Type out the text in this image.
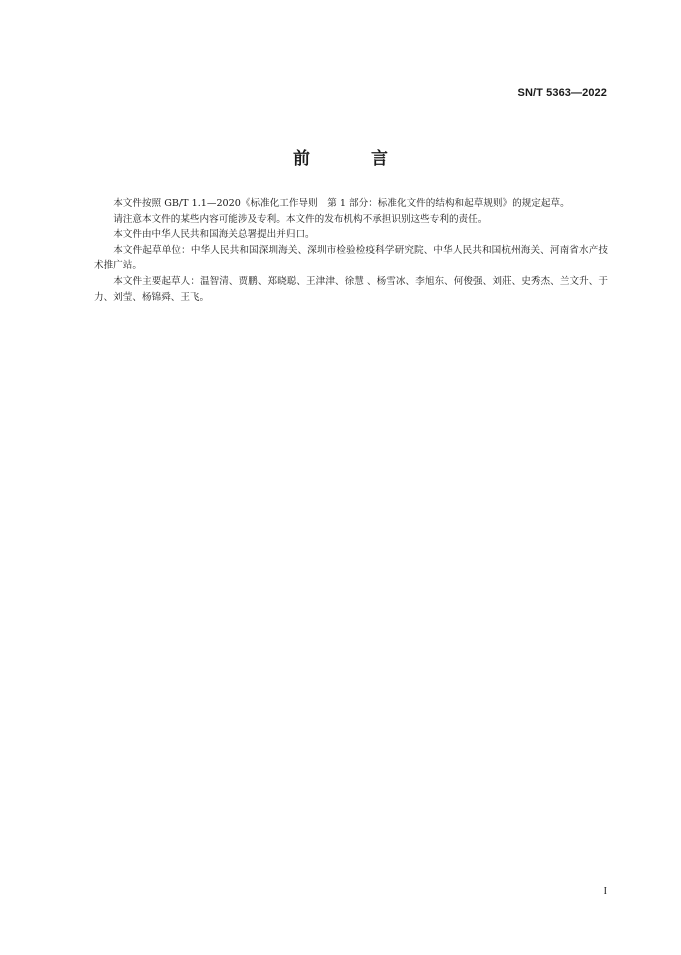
SN/T 5363—2022
前　言

本文件按照 GB/T 1.1—2020《标准化工作导则　第 1 部分：标准化文件的结构和起草规则》的规定起草。

请注意本文件的某些内容可能涉及专利。本文件的发布机构不承担识别这些专利的责任。

本文件由中华人民共和国海关总署提出并归口。

本文件起草单位：中华人民共和国深圳海关、深圳市检验检疫科学研究院、中华人民共和国杭州海关、河南省水产技术推广站。

本文件主要起草人：温智清、贾鹏、郑晓聪、王津津、徐慧 、杨雪冰、李旭东、何俊强、刘莊、史秀杰、兰文升、于力、刘莹、杨锦舜、王飞。

I
